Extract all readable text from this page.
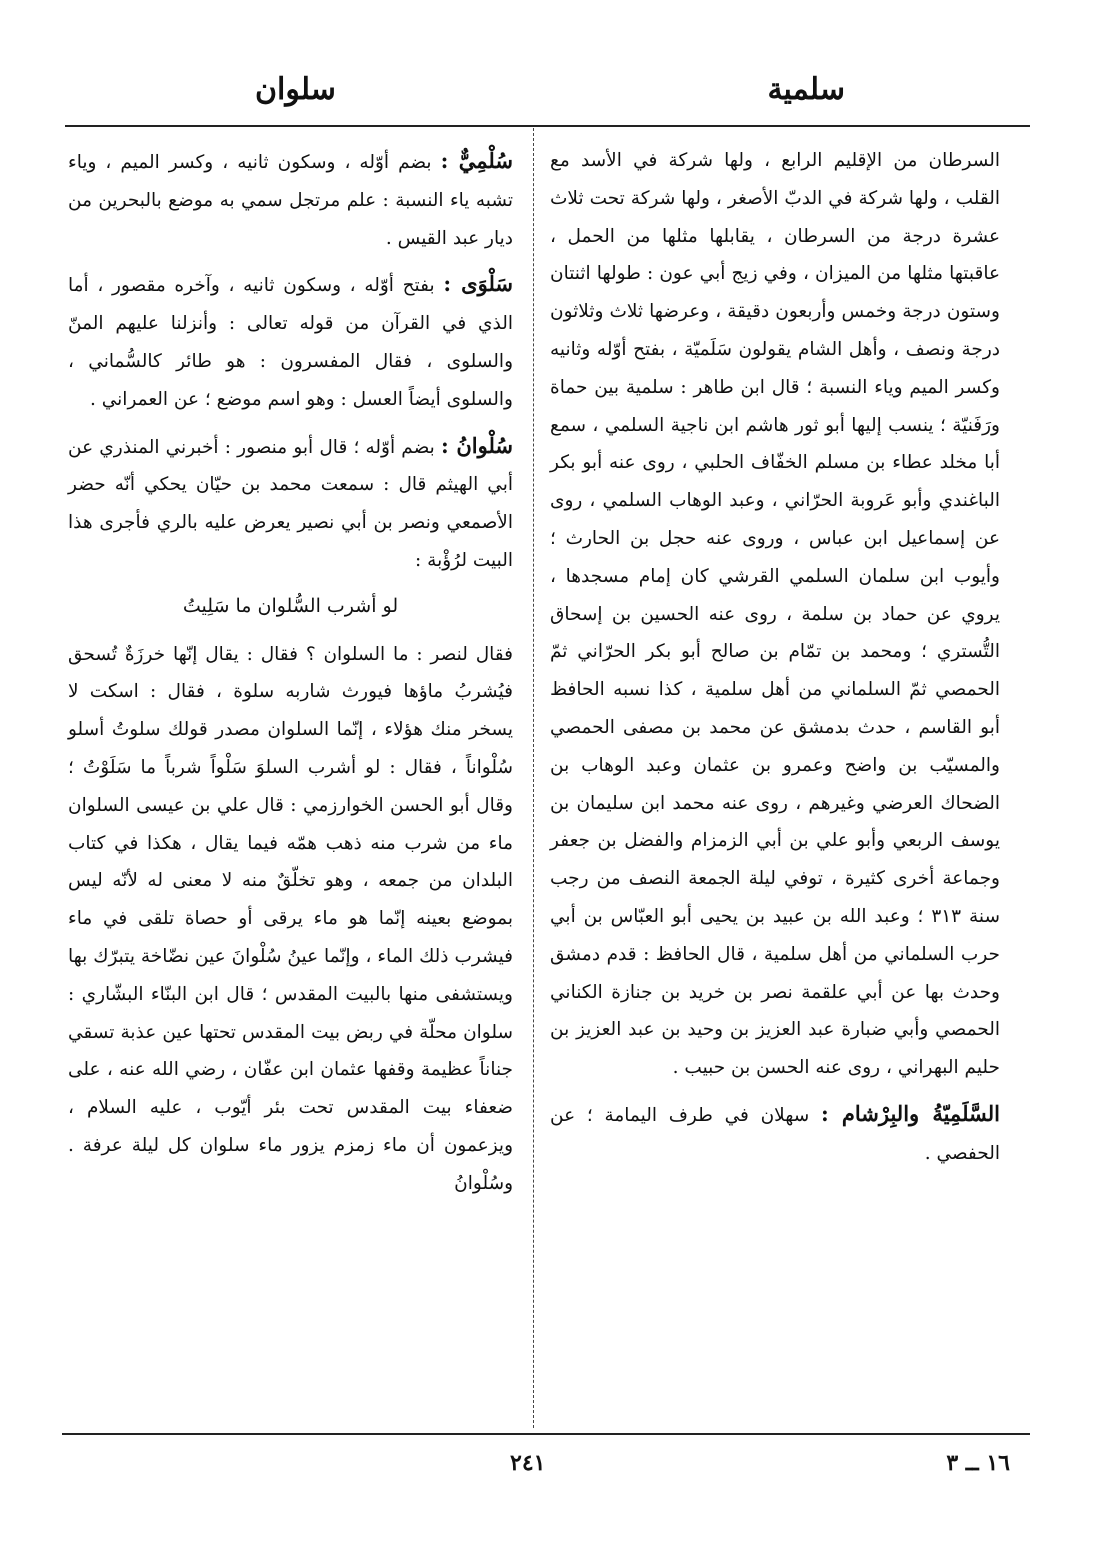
سلمية
سلوان

السرطان من الإقليم الرابع ، ولها شركة في الأسد مع القلب ، ولها شركة في الدبّ الأصغر ، ولها شركة تحت ثلاث عشرة درجة من السرطان ، يقابلها مثلها من الحمل ، عاقبتها مثلها من الميزان ، وفي زيج أبي عون : طولها اثنتان وستون درجة وخمس وأربعون دقيقة ، وعرضها ثلاث وثلاثون درجة ونصف ، وأهل الشام يقولون سَلَميّة ، بفتح أوّله وثانيه وكسر الميم وياء النسبة ؛ قال ابن طاهر : سلمية بين حماة ورَفَنيّة ؛ ينسب إليها أبو ثور هاشم ابن ناجية السلمي ، سمع أبا مخلد عطاء بن مسلم الخفّاف الحلبي ، روى عنه أبو بكر الباغندي وأبو عَروبة الحرّاني ، وعبد الوهاب السلمي ، روى عن إسماعيل ابن عباس ، وروى عنه حجل بن الحارث ؛ وأيوب ابن سلمان السلمي القرشي كان إمام مسجدها ، يروي عن حماد بن سلمة ، روى عنه الحسين بن إسحاق التُّستري ؛ ومحمد بن تمّام بن صالح أبو بكر الحرّاني ثمّ الحمصي ثمّ السلماني من أهل سلمية ، كذا نسبه الحافظ أبو القاسم ، حدث بدمشق عن محمد بن مصفى الحمصي والمسيّب بن واضح وعمرو بن عثمان وعبد الوهاب بن الضحاك العرضي وغيرهم ، روى عنه محمد ابن سليمان بن يوسف الربعي وأبو علي بن أبي الزمزام والفضل بن جعفر وجماعة أخرى كثيرة ، توفي ليلة الجمعة النصف من رجب سنة ٣١٣ ؛ وعبد الله بن عبيد بن يحيى أبو العبّاس بن أبي حرب السلماني من أهل سلمية ، قال الحافظ : قدم دمشق وحدث بها عن أبي علقمة نصر بن خريد بن جنازة الكناني الحمصي وأبي ضبارة عبد العزيز بن وحيد بن عبد العزيز بن حليم البهراني ، روى عنه الحسن بن حبيب .

السَّلَمِيّةُ والبِرْشام : سهلان في طرف اليمامة ؛ عن الحفصي .

سُلْمِيٌّ : بضم أوّله ، وسكون ثانيه ، وكسر الميم ، وياء تشبه ياء النسبة : علم مرتجل سمي به موضع بالبحرين من ديار عبد القيس .

سَلْوَى : بفتح أوّله ، وسكون ثانيه ، وآخره مقصور ، أما الذي في القرآن من قوله تعالى : وأنزلنا عليهم المنّ والسلوى ، فقال المفسرون : هو طائر كالسُّماني ، والسلوى أيضاً العسل : وهو اسم موضع ؛ عن العمراني .

سُلْوانُ : بضم أوّله ؛ قال أبو منصور : أخبرني المنذري عن أبي الهيثم قال : سمعت محمد بن حيّان يحكي أنّه حضر الأصمعي ونصر بن أبي نصير يعرض عليه بالري فأجرى هذا البيت لرُؤْبة :

لو أشرب السُّلوان ما سَلِيتُ

فقال لنصر : ما السلوان ؟ فقال : يقال إنّها خرزَةٌ تُسحق فيُشربُ ماؤها فيورث شاربه سلوة ، فقال : اسكت لا يسخر منك هؤلاء ، إنّما السلوان مصدر قولك سلوتُ أسلو سُلْواناً ، فقال : لو أشرب السلوَ سَلْواً شرباً ما سَلَوْتُ ؛ وقال أبو الحسن الخوارزمي : قال علي بن عيسى السلوان ماء من شرب منه ذهب همّه فيما يقال ، هكذا في كتاب البلدان من جمعه ، وهو تخلّقٌ منه لا معنى له لأنّه ليس بموضع بعينه إنّما هو ماء يرقى أو حصاة تلقى في ماء فيشرب ذلك الماء ، وإنّما عينُ سُلْوانَ عين نضّاخة يتبرّك بها ويستشفى منها بالبيت المقدس ؛ قال ابن البنّاء البشّاري : سلوان محلّة في ربض بيت المقدس تحتها عين عذبة تسقي جناناً عظيمة وقفها عثمان ابن عفّان ، رضي الله عنه ، على ضعفاء بيت المقدس تحت بئر أيّوب ، عليه السلام ، ويزعمون أن ماء زمزم يزور ماء سلوان كل ليلة عرفة . وسُلْوانُ

٢٤١	١٦ ــ ٣
